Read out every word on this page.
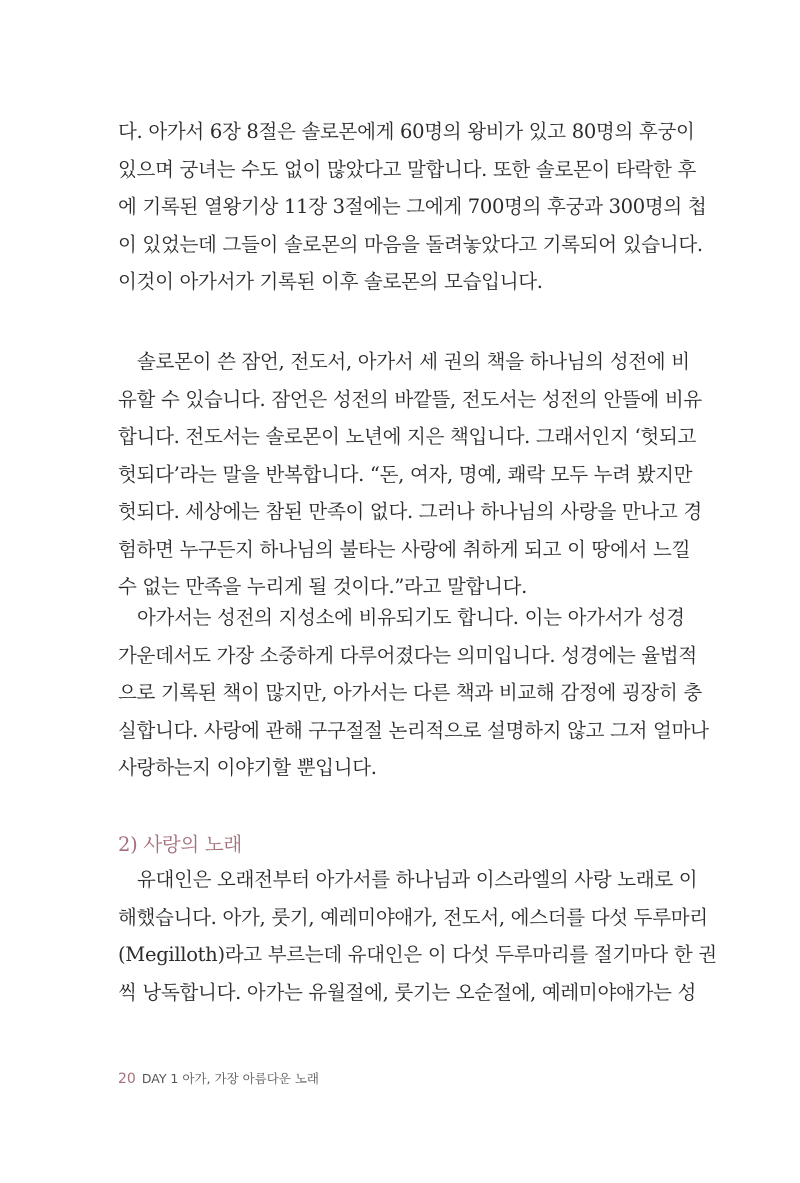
다. 아가서 6장 8절은 솔로몬에게 60명의 왕비가 있고 80명의 후궁이
있으며 궁녀는 수도 없이 많았다고 말합니다. 또한 솔로몬이 타락한 후
에 기록된 열왕기상 11장 3절에는 그에게 700명의 후궁과 300명의 첩
이 있었는데 그들이 솔로몬의 마음을 돌려놓았다고 기록되어 있습니다.
이것이 아가서가 기록된 이후 솔로몬의 모습입니다.
솔로몬이 쓴 잠언, 전도서, 아가서 세 권의 책을 하나님의 성전에 비
유할 수 있습니다. 잠언은 성전의 바깥뜰, 전도서는 성전의 안뜰에 비유
합니다. 전도서는 솔로몬이 노년에 지은 책입니다. 그래서인지 ‘헛되고
헛되다’라는 말을 반복합니다. “돈, 여자, 명예, 쾌락 모두 누려 봤지만
헛되다. 세상에는 참된 만족이 없다. 그러나 하나님의 사랑을 만나고 경
험하면 누구든지 하나님의 불타는 사랑에 취하게 되고 이 땅에서 느낄
수 없는 만족을 누리게 될 것이다.”라고 말합니다.
아가서는 성전의 지성소에 비유되기도 합니다. 이는 아가서가 성경
가운데서도 가장 소중하게 다루어졌다는 의미입니다. 성경에는 율법적
으로 기록된 책이 많지만, 아가서는 다른 책과 비교해 감정에 굉장히 충
실합니다. 사랑에 관해 구구절절 논리적으로 설명하지 않고 그저 얼마나
사랑하는지 이야기할 뿐입니다.
2) 사랑의 노래
유대인은 오래전부터 아가서를 하나님과 이스라엘의 사랑 노래로 이
해했습니다. 아가, 룻기, 예레미야애가, 전도서, 에스더를 다섯 두루마리
(Megilloth)라고 부르는데 유대인은 이 다섯 두루마리를 절기마다 한 권
씩 낭독합니다. 아가는 유월절에, 룻기는 오순절에, 예레미야애가는 성
20 DAY 1 아가, 가장 아름다운 노래
